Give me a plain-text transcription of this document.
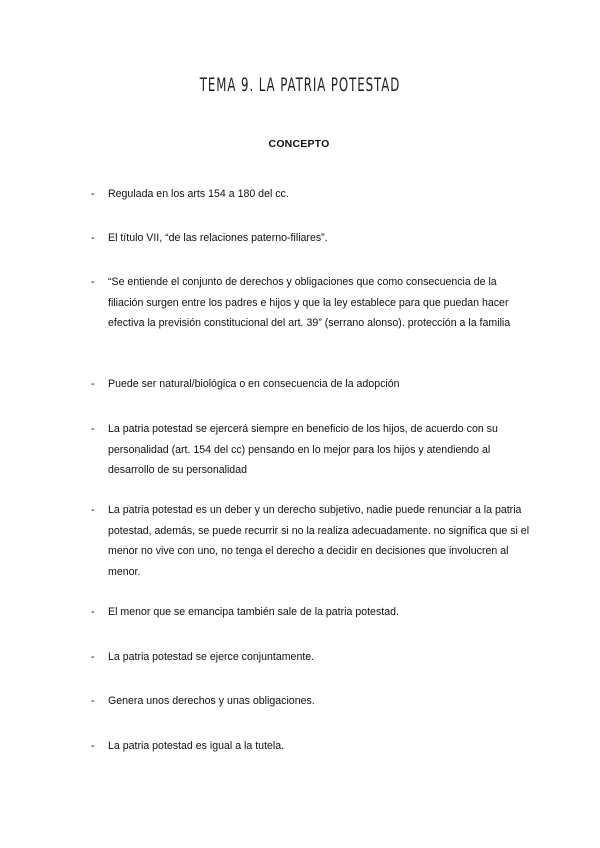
TEMA 9. LA PATRIA POTESTAD
CONCEPTO
- Regulada en los arts 154 a 180 del cc.
- El título VII, “de las relaciones paterno-filiares”.
- “Se entiende el conjunto de derechos y obligaciones que como consecuencia de la filiación surgen entre los padres e hijos y que la ley establece para que puedan hacer efectiva la previsión constitucional del art. 39” (serrano alonso). protección a la familia
- Puede ser natural/biológica o en consecuencia de la adopción
- La patria potestad se ejercerá siempre en beneficio de los hijos, de acuerdo con su personalidad (art. 154 del cc) pensando en lo mejor para los hijos y atendiendo al desarrollo de su personalidad
- La patria potestad es un deber y un derecho subjetivo, nadie puede renunciar a la patria potestad, además, se puede recurrir si no la realiza adecuadamente. no significa que si el menor no vive con uno, no tenga el derecho a decidir en decisiones que involucren al menor.
- El menor que se emancipa también sale de la patria potestad.
- La patria potestad se ejerce conjuntamente.
- Genera unos derechos y unas obligaciones.
- La patria potestad es igual a la tutela.
